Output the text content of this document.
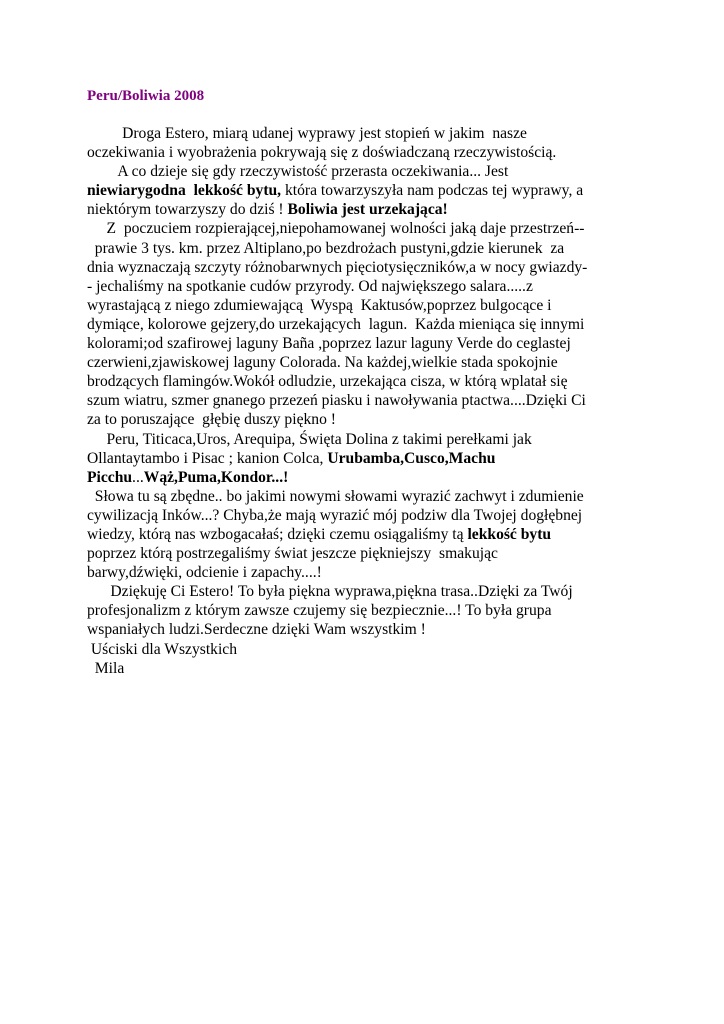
Peru/Boliwia 2008
Droga Estero, miarą udanej wyprawy jest stopień w jakim  nasze
oczekiwania i wyobrażenia pokrywają się z doświadczaną rzeczywistością.
A co dzieje się gdy rzeczywistość przerasta oczekiwania... Jest
niewiarygodna  lekkość bytu, która towarzyszyła nam podczas tej wyprawy, a
niektórym towarzyszy do dziś ! Boliwia jest urzekająca!
Z  poczuciem rozpierającej,niepohamowanej wolności jaką daje przestrzeń--
prawie 3 tys. km. przez Altiplano,po bezdrożach pustyni,gdzie kierunek  za
dnia wyznaczają szczyty różnobarwnych pięciotysięczników,a w nocy gwiazdy-
- jechaliśmy na spotkanie cudów przyrody. Od największego salara.....z
wyrastającą z niego zdumiewającą  Wyspą  Kaktusów,poprzez bulgocące i
dymiące, kolorowe gejzery,do urzekających  lagun.  Każda mieniąca się innymi
kolorami;od szafirowej laguny Baña ,poprzez lazur laguny Verde do ceglastej
czerwieni,zjawiskowej laguny Colorada. Na każdej,wielkie stada spokojnie
brodzących flamingów.Wokół odludzie, urzekająca cisza, w którą wplatał się
szum wiatru, szmer gnanego przezeń piasku i nawoływania ptactwa....Dzięki Ci
za to poruszające  głębię duszy piękno !
Peru, Titicaca,Uros, Arequipa, Święta Dolina z takimi perełkami jak
Ollantaytambo i Pisac ; kanion Colca, Urubamba,Cusco,Machu
Picchu...Wąż,Puma,Kondor...!
Słowa tu są zbędne.. bo jakimi nowymi słowami wyrazić zachwyt i zdumienie
cywilizacją Inków...? Chyba,że mają wyrazić mój podziw dla Twojej dogłębnej
wiedzy, którą nas wzbogacałaś; dzięki czemu osiągaliśmy tą lekkość bytu
poprzez którą postrzegaliśmy świat jeszcze piękniejszy  smakując
barwy,dźwięki, odcienie i zapachy....!
Dziękuję Ci Estero! To była piękna wyprawa,piękna trasa..Dzięki za Twój
profesjonalizm z którym zawsze czujemy się bezpiecznie...! To była grupa
wspaniałych ludzi.Serdeczne dzięki Wam wszystkim !
Uściski dla Wszystkich
Mila
